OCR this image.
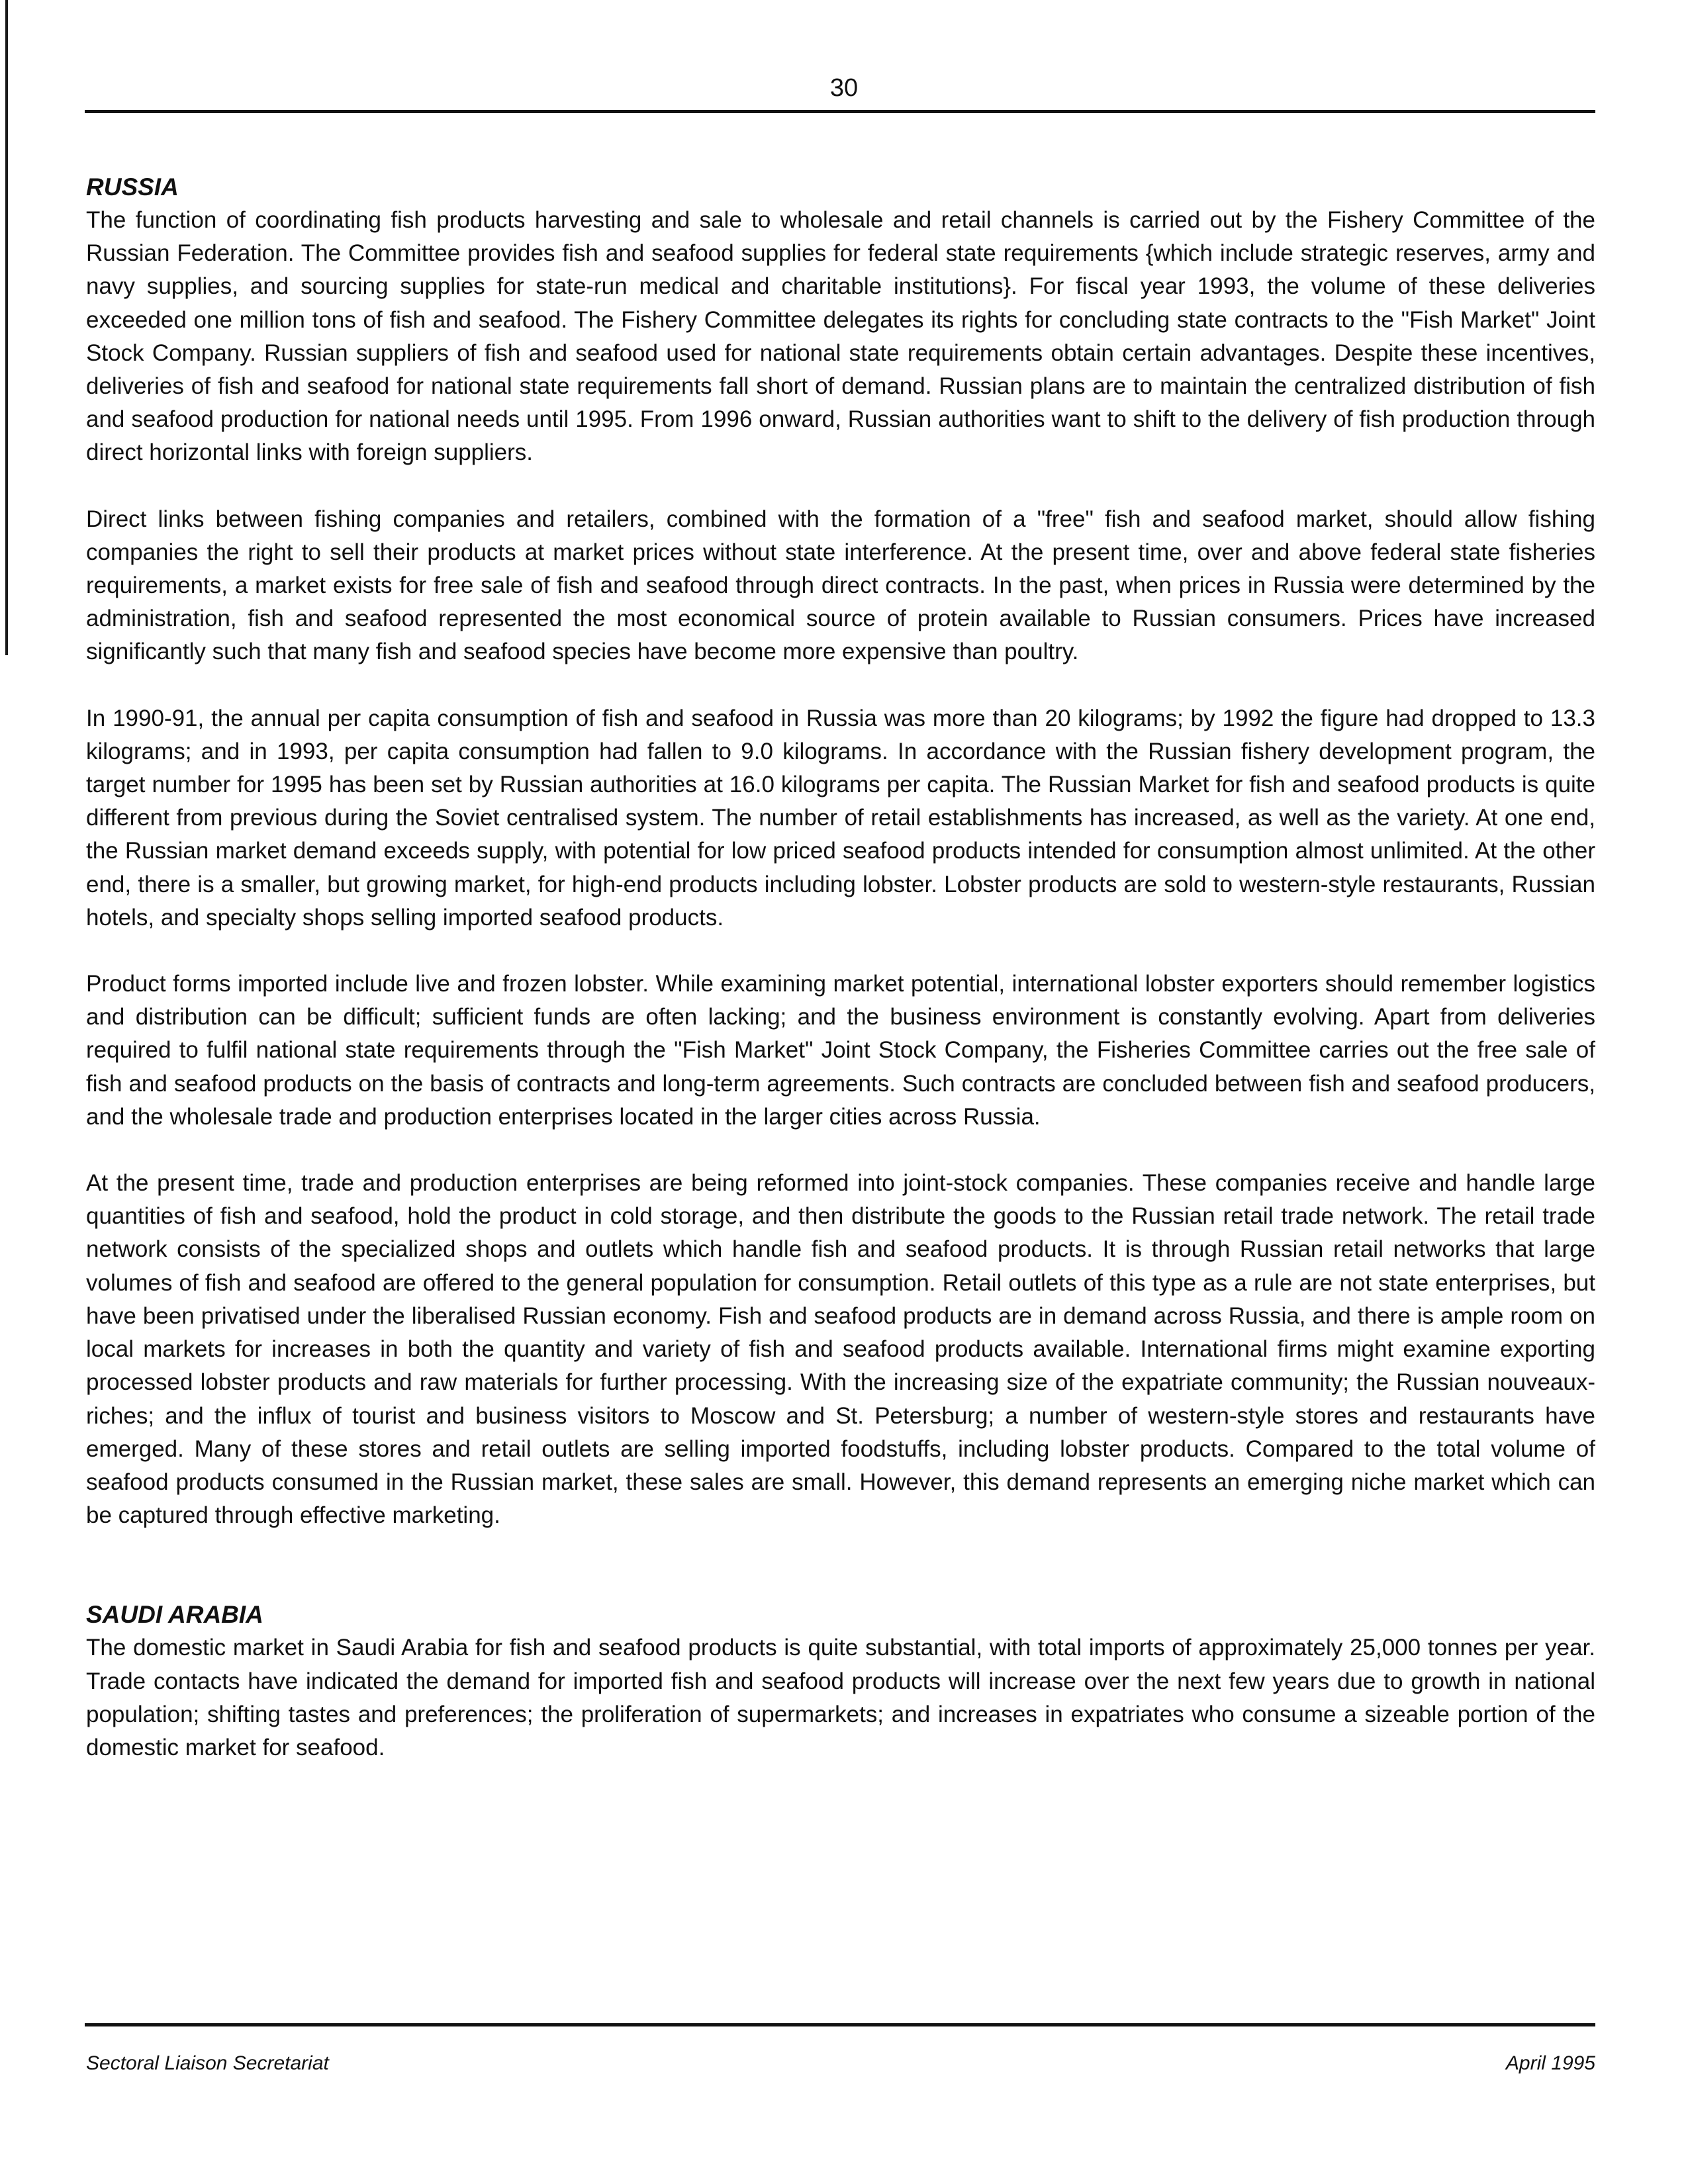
30
RUSSIA

The function of coordinating fish products harvesting and sale to wholesale and retail channels is carried out by the Fishery Committee of the Russian Federation. The Committee provides fish and seafood supplies for federal state requirements {which include strategic reserves, army and navy supplies, and sourcing supplies for state-run medical and charitable institutions}. For fiscal year 1993, the volume of these deliveries exceeded one million tons of fish and seafood. The Fishery Committee delegates its rights for concluding state contracts to the "Fish Market" Joint Stock Company. Russian suppliers of fish and seafood used for national state requirements obtain certain advantages. Despite these incentives, deliveries of fish and seafood for national state requirements fall short of demand. Russian plans are to maintain the centralized distribution of fish and seafood production for national needs until 1995. From 1996 onward, Russian authorities want to shift to the delivery of fish production through direct horizontal links with foreign suppliers.

Direct links between fishing companies and retailers, combined with the formation of a "free" fish and seafood market, should allow fishing companies the right to sell their products at market prices without state interference. At the present time, over and above federal state fisheries requirements, a market exists for free sale of fish and seafood through direct contracts. In the past, when prices in Russia were determined by the administration, fish and seafood represented the most economical source of protein available to Russian consumers. Prices have increased significantly such that many fish and seafood species have become more expensive than poultry.

In 1990-91, the annual per capita consumption of fish and seafood in Russia was more than 20 kilograms; by 1992 the figure had dropped to 13.3 kilograms; and in 1993, per capita consumption had fallen to 9.0 kilograms. In accordance with the Russian fishery development program, the target number for 1995 has been set by Russian authorities at 16.0 kilograms per capita. The Russian Market for fish and seafood products is quite different from previous during the Soviet centralised system. The number of retail establishments has increased, as well as the variety. At one end, the Russian market demand exceeds supply, with potential for low priced seafood products intended for consumption almost unlimited. At the other end, there is a smaller, but growing market, for high-end products including lobster. Lobster products are sold to western-style restaurants, Russian hotels, and specialty shops selling imported seafood products.

Product forms imported include live and frozen lobster. While examining market potential, international lobster exporters should remember logistics and distribution can be difficult; sufficient funds are often lacking; and the business environment is constantly evolving. Apart from deliveries required to fulfil national state requirements through the "Fish Market" Joint Stock Company, the Fisheries Committee carries out the free sale of fish and seafood products on the basis of contracts and long-term agreements. Such contracts are concluded between fish and seafood producers, and the wholesale trade and production enterprises located in the larger cities across Russia.

At the present time, trade and production enterprises are being reformed into joint-stock companies. These companies receive and handle large quantities of fish and seafood, hold the product in cold storage, and then distribute the goods to the Russian retail trade network. The retail trade network consists of the specialized shops and outlets which handle fish and seafood products. It is through Russian retail networks that large volumes of fish and seafood are offered to the general population for consumption. Retail outlets of this type as a rule are not state enterprises, but have been privatised under the liberalised Russian economy. Fish and seafood products are in demand across Russia, and there is ample room on local markets for increases in both the quantity and variety of fish and seafood products available. International firms might examine exporting processed lobster products and raw materials for further processing. With the increasing size of the expatriate community; the Russian nouveaux-riches; and the influx of tourist and business visitors to Moscow and St. Petersburg; a number of western-style stores and restaurants have emerged. Many of these stores and retail outlets are selling imported foodstuffs, including lobster products. Compared to the total volume of seafood products consumed in the Russian market, these sales are small. However, this demand represents an emerging niche market which can be captured through effective marketing.

SAUDI ARABIA

The domestic market in Saudi Arabia for fish and seafood products is quite substantial, with total imports of approximately 25,000 tonnes per year. Trade contacts have indicated the demand for imported fish and seafood products will increase over the next few years due to growth in national population; shifting tastes and preferences; the proliferation of supermarkets; and increases in expatriates who consume a sizeable portion of the domestic market for seafood.

Sectoral Liaison Secretariat	April 1995
